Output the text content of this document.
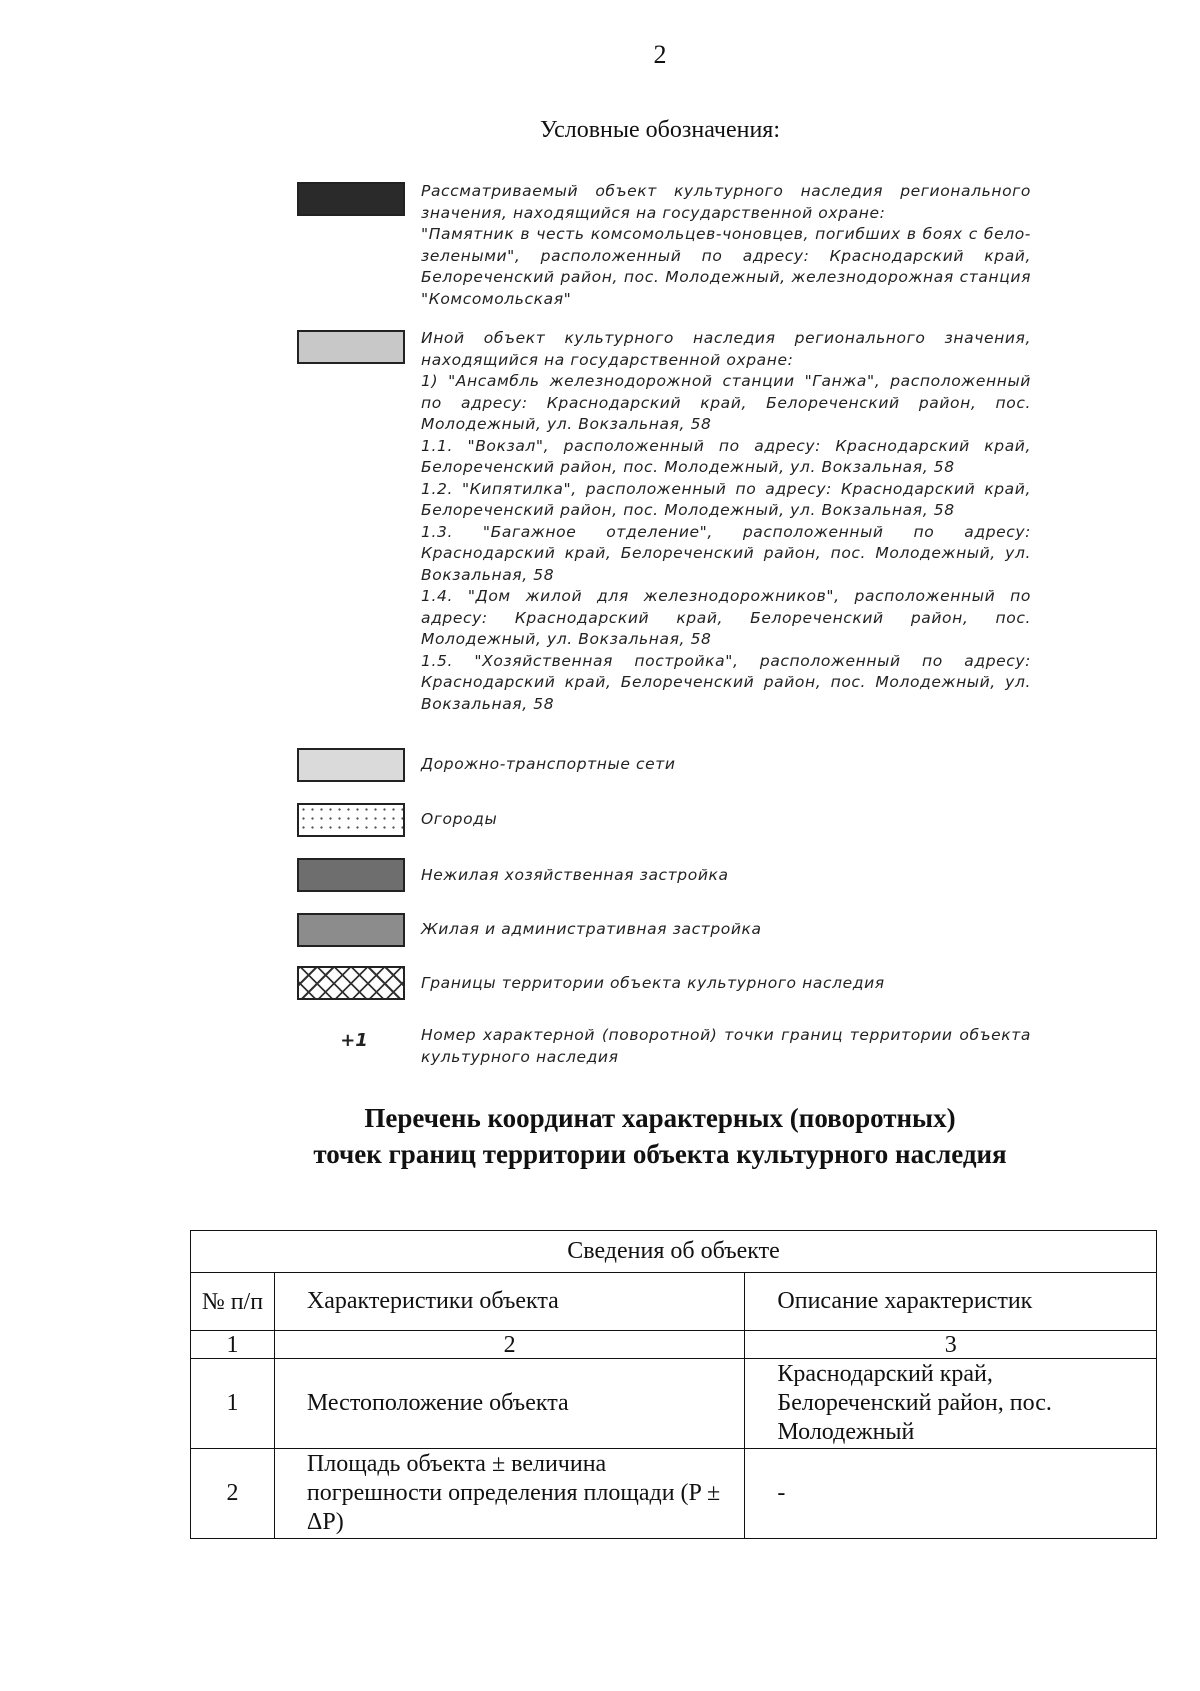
2
Условные обозначения:

Рассматриваемый объект культурного наследия регионального значения, находящийся на государственной охране:

"Памятник в честь комсомольцев-чоновцев, погибших в боях с бело-зелеными", расположенный по адресу: Краснодарский край, Белореченский район, пос. Молодежный, железнодорожная станция "Комсомольская"

Иной объект культурного наследия регионального значения, находящийся на государственной охране:

1) "Ансамбль железнодорожной станции "Ганжа", расположенный по адресу: Краснодарский край, Белореченский район, пос. Молодежный, ул. Вокзальная, 58

1.1. "Вокзал", расположенный по адресу: Краснодарский край, Белореченский район, пос. Молодежный, ул. Вокзальная, 58

1.2. "Кипятилка", расположенный по адресу: Краснодарский край, Белореченский район, пос. Молодежный, ул. Вокзальная, 58

1.3. "Багажное отделение", расположенный по адресу: Краснодарский край, Белореченский район, пос. Молодежный, ул. Вокзальная, 58

1.4. "Дом жилой для железнодорожников", расположенный по адресу: Краснодарский край, Белореченский район, пос. Молодежный, ул. Вокзальная, 58

1.5. "Хозяйственная постройка", расположенный по адресу: Краснодарский край, Белореченский район, пос. Молодежный, ул. Вокзальная, 58

Дорожно-транспортные сети
Огороды
Нежилая хозяйственная застройка
Жилая и административная застройка
Границы территории объекта культурного наследия
+1	Номер характерной (поворотной) точки границ территории объекта культурного наследия
Перечень координат характерных (поворотных)
точек границ территории объекта культурного наследия
Сведения об объекте		
№ п/п	Характеристики объекта	Описание характеристик
1	2	3
1	Местоположение объекта	Краснодарский край, Белореченский район, пос. Молодежный
2	Площадь объекта ± величина погрешности определения площади (P ± ΔP)	-
